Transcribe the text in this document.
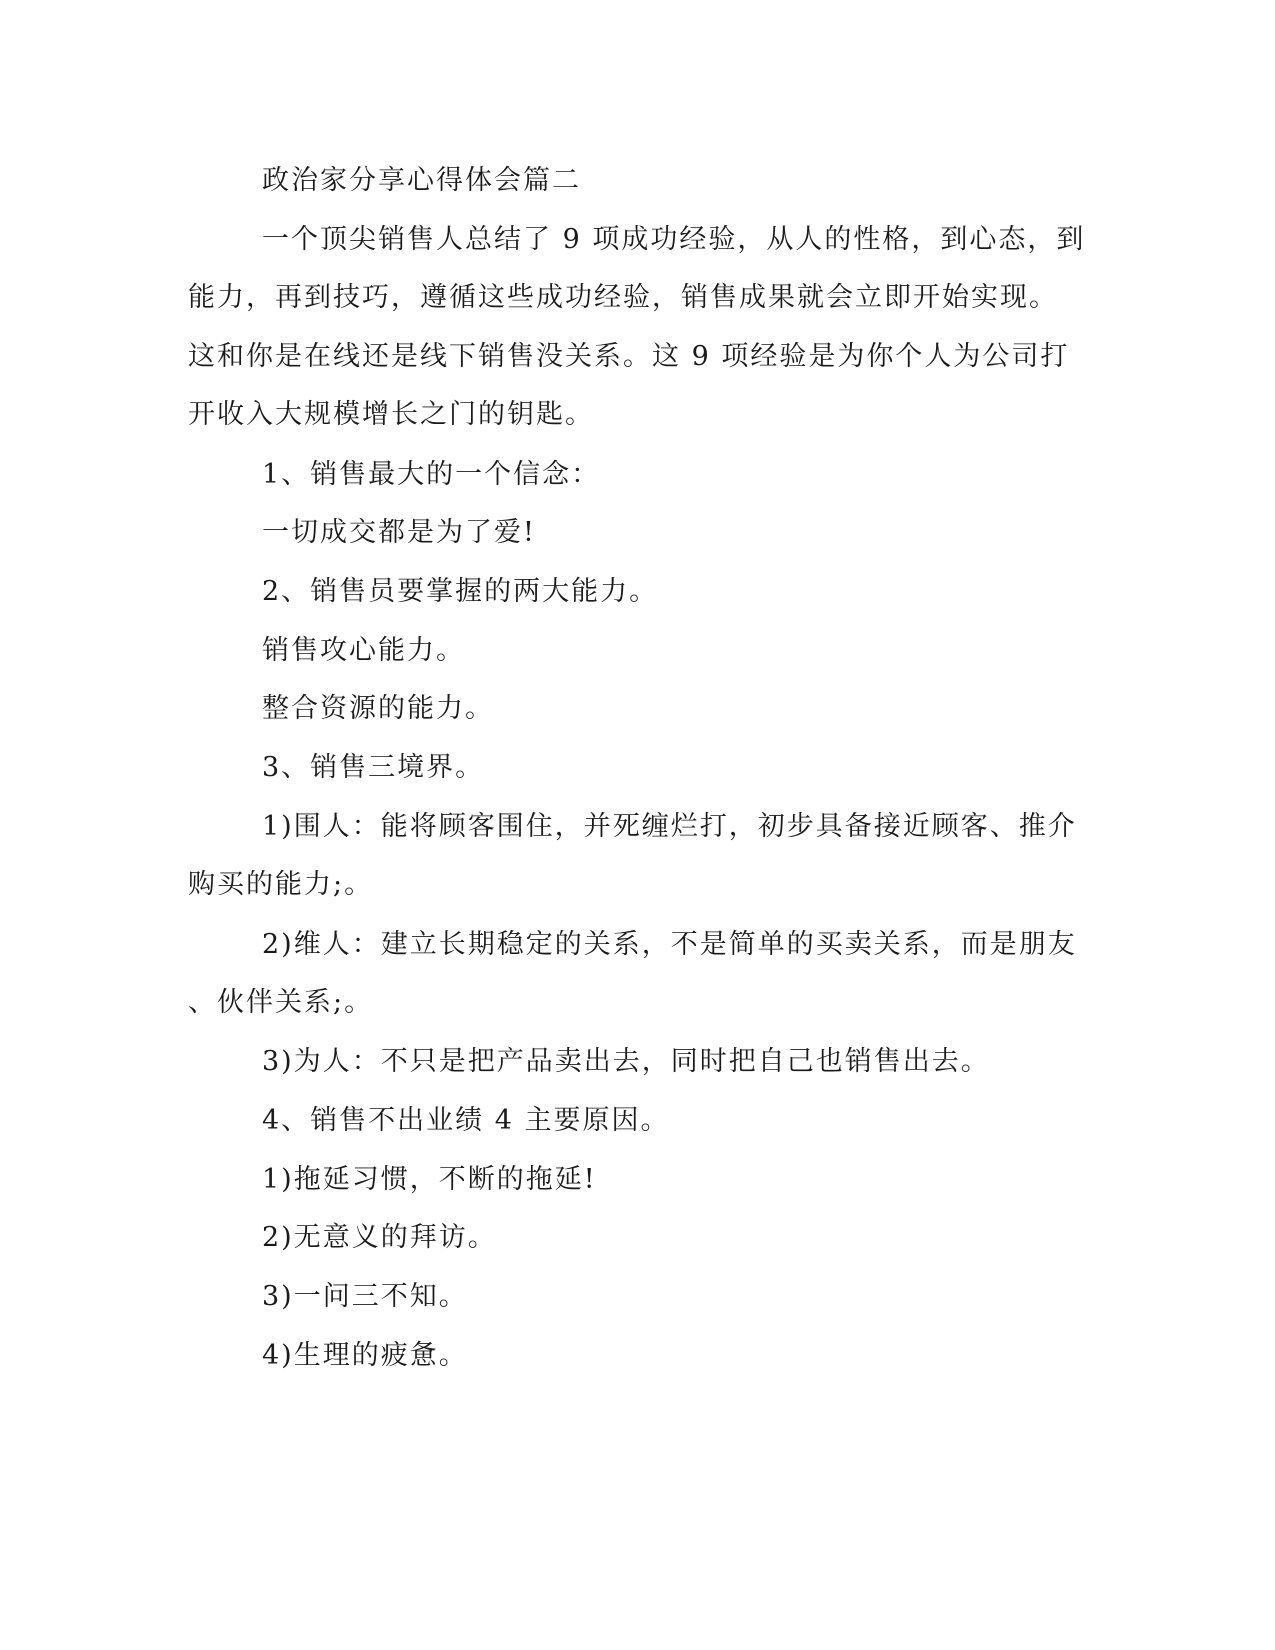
政治家分享心得体会篇二
一个顶尖销售人总结了 9 项成功经验，从人的性格，到心态，到
能力，再到技巧，遵循这些成功经验，销售成果就会立即开始实现。
这和你是在线还是线下销售没关系。这 9 项经验是为你个人为公司打
开收入大规模增长之门的钥匙。
1、销售最大的一个信念：
一切成交都是为了爱!
2、销售员要掌握的两大能力。
销售攻心能力。
整合资源的能力。
3、销售三境界。
1)围人：能将顾客围住，并死缠烂打，初步具备接近顾客、推介
购买的能力;。
2)维人：建立长期稳定的关系，不是简单的买卖关系，而是朋友
、伙伴关系;。
3)为人：不只是把产品卖出去，同时把自己也销售出去。
4、销售不出业绩 4 主要原因。
1)拖延习惯，不断的拖延!
2)无意义的拜访。
3)一问三不知。
4)生理的疲惫。
